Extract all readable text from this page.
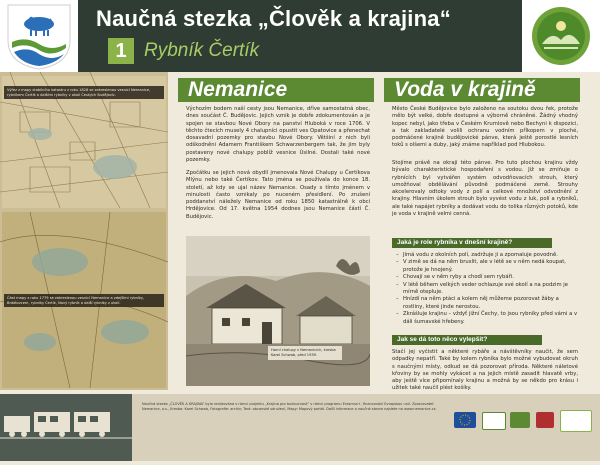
Naučná stezka „Člověk a krajina“
1 Rybník Čertík
Výřez z mapy stabilního katastru z roku 1826 se zakreslenou vesnicí Nemanice, rybníkem Čertík a dalšími rybníky v okolí Českých Budějovic.
Část mapy z roku 1779 se zakreslenou vesnicí Nemanice a zdejšími rybníky, Brádlovcem, rybníky Čertík, Nový rybník a další rybníky z okolí.
Nemanice
Výchozím bodem naší cesty jsou Nemanice, dříve samostatná obec, dnes součást Č. Budějovic. Jejich vznik je dobře zdokumentován a je spojen se stavbou Nové Obory na panství Hluboká v roce 1706. V těchto čtecích musely 4 chalupníci opustit ves Opatovice a přenechat dosavadní pozemky pro stavbu Nové Obory. Většiní z nich byli odškodněni Adamem Františkem Schwarzenbergem tak, že jim byly postaveny nové chalupy poblíž vesnice Úsilné. Dostali také nové pozemky.
Zpočátku se jejich nová obydlí jmenovala Nové Chalupy u Čertíkova Mlýnu nebo také Čertíkov. Tato jména se používala do konce 18. století, až kdy se ujal název Nemanice. Osady s tímto jménem v minulosti často vznikaly po nuceném přesídlení. Po zrušení poddanství náležely Nemanice od roku 1850 katastrálně k obci Hrdějovice. Od 17. května 1954 dodnes jsou Nemanice částí Č. Budějovic.
Horní chalupy v Nemanicích, kresba Karel Schwab, před 1939.
Voda v krajině
Město České Budějovice bylo založeno na soutoku dvou řek, protože mělo být velké, dobře dostupné a výborně chráněné. Žádný vhodný kopec nebyl, jako třeba v Českém Krumlově nebo Bechyni k dispozici, a tak zakladatelé volili ochranu vodním příkopem v ploché, podmáčené krajině budějovické pánve, která ještě porostlé lesních toků s olšemi a duby, jaký známe například pod Hlubokou.
Stojíme právě na okraji této pánve. Pro tuto plochou krajinu vždy bývalo charakteristické hospodaření s vodou. Již se zmiňuje o rybnících byl vytvářen systém odvodňovacích strouh, který umožňoval obdělávání původně podmáčené země. Strouhy akcelerovaly odtoky vody z polí a celkové množství odvodnění z krajiny. Hlavním úkolem strouh bylo vyvést vodu z luk, polí a rybníků, ale také napájet rybníky a dodávat vodu do tolika různých potoků, kde je voda v krajině velmi cenná.
Jaká je role rybníka v dnešní krajině?
– Jímá vodu z okolních polí, zadržuje ji a zpomaluje povodně.
– V zimě se dá na něm bruslit, ale v létě se v něm nedá koupat, protože je hnojený.
– Chovají se v něm ryby a chodí sem rybáři.
– V létě během velkých veder ochlazuje své okolí a na podzim je mírně otepluje.
– Hnízdí na něm ptáci a kolem něj můžeme pozorovat žáby a rostliny, které jinde nerostou.
– Zkrášluje krajinu – vždyť jižní Čechy, to jsou rybníky před vámi a v dáli šumavské hřebeny.
Jak se dá toto něco vylepšit?
Stačí jej vyčistit a některé rybáře a návštěvníky naučit, že sem odpadky nepatří. Také by kolem rybníka bylo možné vybudovat okruh s naučnými místy, odkud se dá pozorovat příroda. Některé náletové křoviny by se mohly vykácet a na jejich místě zasadit hlavatě vrby, aby ještě více připomínaly krajinu a možná by se někdo pro krásu i užitek také naučil plést košíky.
Naučná stezka „ČLOVĚK A KRAJINA“ byla realizována v rámci projektu „Krajina pro budoucnost“ v rámci programu Erasmus+, financování Evropskou unií. Zpracovatel: Nemanice, o.s., Kresba: Karel Schwab, Fotografie: archiv; Text: obcanské sdružení, Mapy: Mapový portál. Další informace o naučné stezce najdete na www.nemanice.cz.
